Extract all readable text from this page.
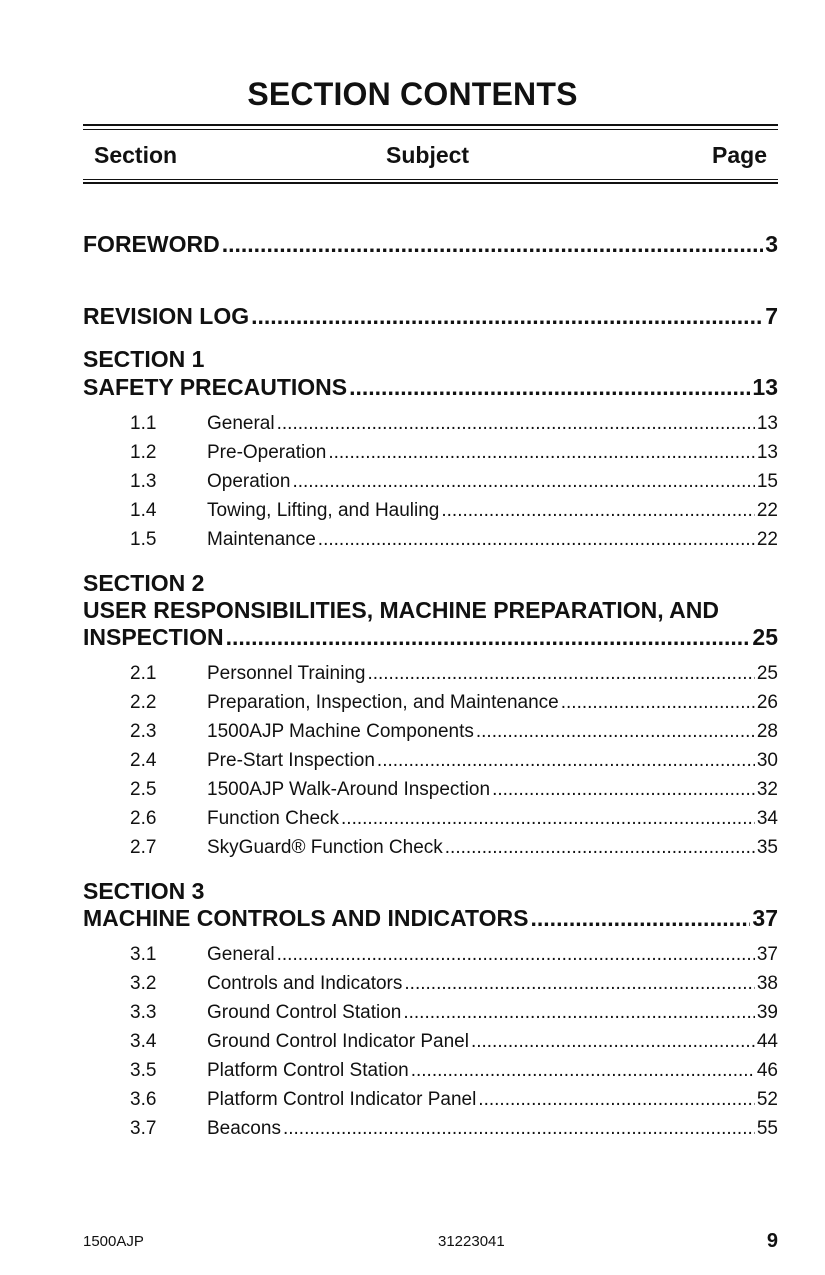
SECTION CONTENTS
Section	Subject	Page
FOREWORD .....	3
REVISION LOG .....	7
SECTION 1
SAFETY PRECAUTIONS .....	13
1.1	General .....	13
1.2	Pre-Operation .....	13
1.3	Operation .....	15
1.4	Towing, Lifting, and Hauling .....	22
1.5	Maintenance .....	22
SECTION 2
USER RESPONSIBILITIES, MACHINE PREPARATION, AND
INSPECTION .....	25
2.1	Personnel Training .....	25
2.2	Preparation, Inspection, and Maintenance .....	26
2.3	1500AJP Machine Components .....	28
2.4	Pre-Start Inspection .....	30
2.5	1500AJP Walk-Around Inspection .....	32
2.6	Function Check .....	34
2.7	SkyGuard® Function Check .....	35
SECTION 3
MACHINE CONTROLS AND INDICATORS .....	37
3.1	General .....	37
3.2	Controls and Indicators .....	38
3.3	Ground Control Station .....	39
3.4	Ground Control Indicator Panel .....	44
3.5	Platform Control Station .....	46
3.6	Platform Control Indicator Panel .....	52
3.7	Beacons .....	55
1500AJP	31223041	9
